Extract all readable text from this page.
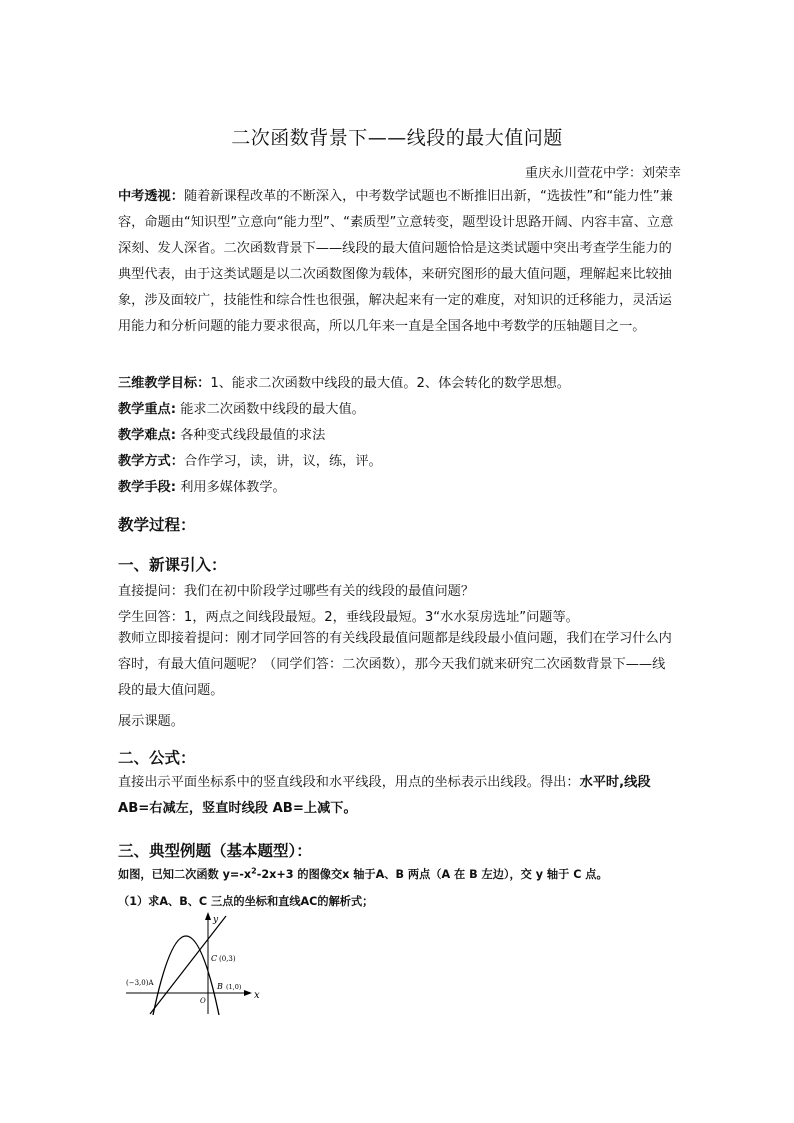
二次函数背景下——线段的最大值问题
重庆永川萱花中学：刘荣幸
中考透视：随着新课程改革的不断深入，中考数学试题也不断推旧出新，“选拔性”和“能力性”兼容，命题由“知识型”立意向“能力型”、“素质型”立意转变，题型设计思路开阔、内容丰富、立意深刻、发人深省。二次函数背景下——线段的最大值问题恰恰是这类试题中突出考查学生能力的典型代表，由于这类试题是以二次函数图像为载体，来研究图形的最大值问题，理解起来比较抽象，涉及面较广，技能性和综合性也很强，解决起来有一定的难度，对知识的迁移能力，灵活运用能力和分析问题的能力要求很高，所以几年来一直是全国各地中考数学的压轴题目之一。
三维教学目标：1、能求二次函数中线段的最大值。2、体会转化的数学思想。
教学重点: 能求二次函数中线段的最大值。
教学难点: 各种变式线段最值的求法
教学方式：合作学习，读，讲，议，练，评。
教学手段: 利用多媒体教学。
教学过程：
一、新课引入：
直接提问：我们在初中阶段学过哪些有关的线段的最值问题？
学生回答：1，两点之间线段最短。2，垂线段最短。3“水水泵房选址”问题等。
教师立即接着提问：刚才同学回答的有关线段最值问题都是线段最小值问题，我们在学习什么内容时，有最大值问题呢？（同学们答：二次函数），那今天我们就来研究二次函数背景下——线段的最大值问题。
展示课题。
二、公式：
直接出示平面坐标系中的竖直线段和水平线段，用点的坐标表示出线段。得出：水平时,线段 AB=右减左，竖直时线段 AB=上减下。
三、典型例题（基本题型）：
如图，已知二次函数 $y=-x^2-2x+3$ 的图像交x 轴于A、B 两点（A 在 B 左边），交 y 轴于 C 点。
（1）求A、B、C 三点的坐标和直线AC的解析式；
y
x
O
C (0,3)
(−3,0)A	B (1,0)
